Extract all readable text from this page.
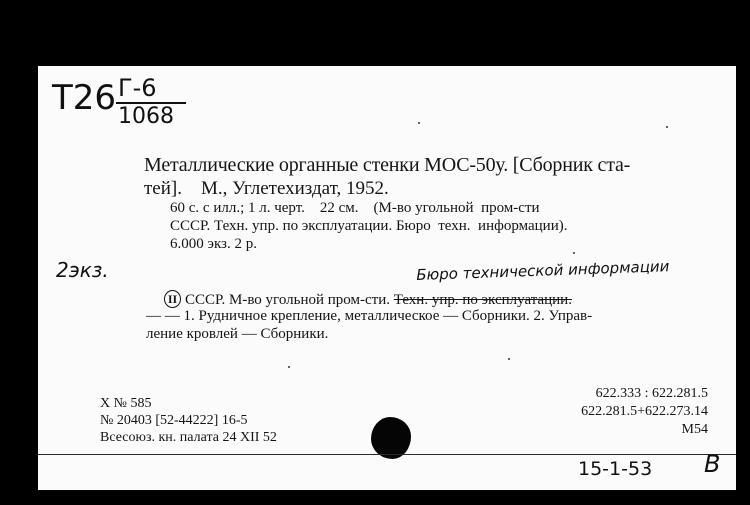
Т26 Г-6
1068
Металлические органные стенки МОС-50у. [Сборник ста-
тей].    М., Углетехиздат, 1952.
60 с. с илл.; 1 л. черт.    22 см.    (М-во угольной  пром-сти
СССР. Техн. упр. по эксплуатации. Бюро  техн.  информации).
6.000 экз. 2 р.
2экз.	Бюро технической информации
II СССР. М-во угольной пром-сти. Техн. упр. по эксплуатации.
— — 1. Рудничное крепление, металлическое — Сборники. 2. Управ-
ление кровлей — Сборники.
Х № 585
№ 20403 [52-44222] 16-5
Всесоюз. кн. палата 24 XII 52
622.333 : 622.281.5
622.281.5+622.273.14
М54
15-1-53 В
